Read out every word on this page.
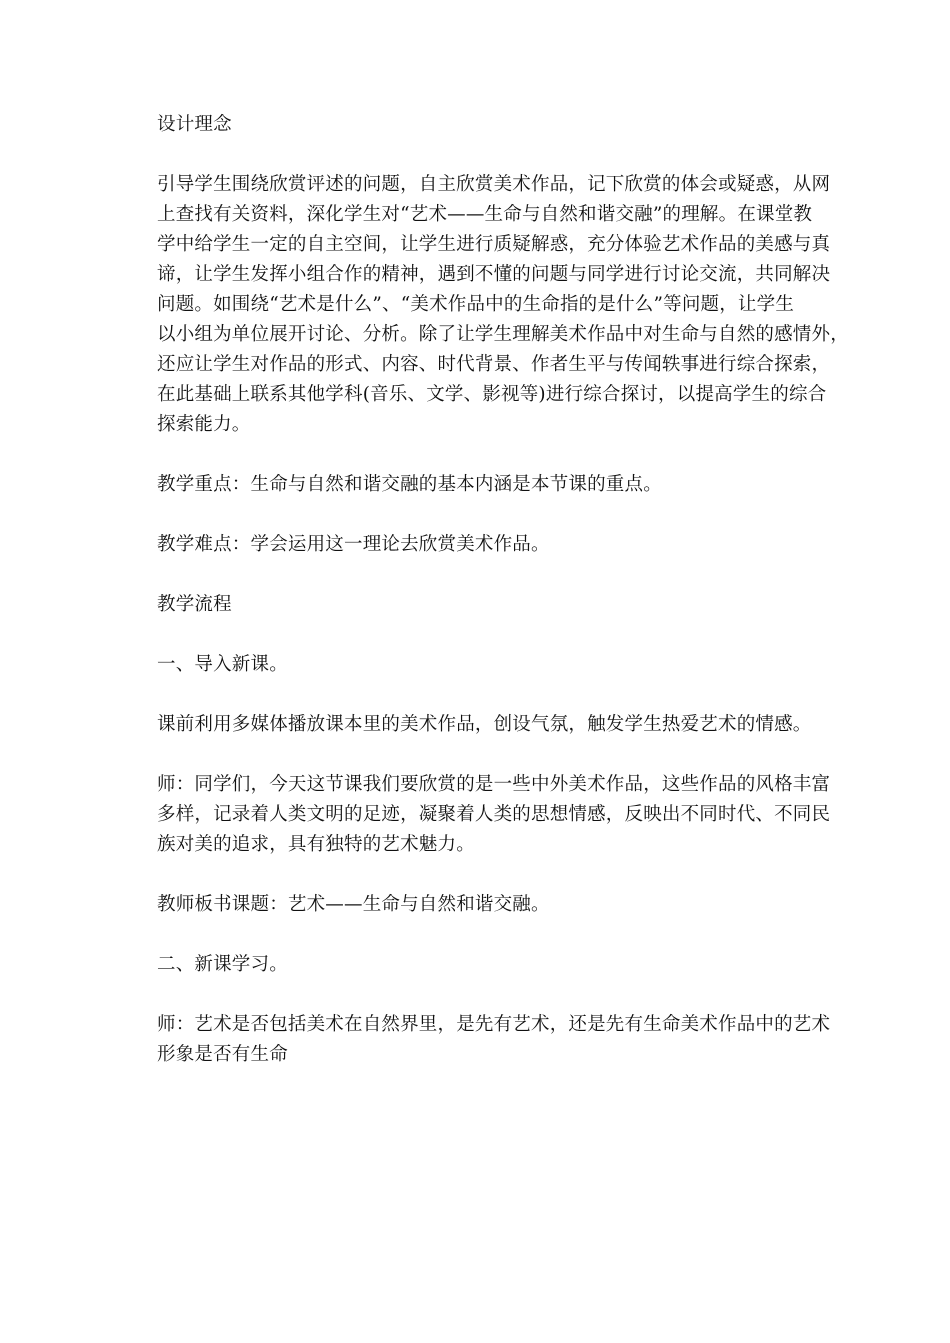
设计理念

引导学生围绕欣赏评述的问题，自主欣赏美术作品，记下欣赏的体会或疑惑，从网
上查找有关资料，深化学生对“艺术——生命与自然和谐交融”的理解。在课堂教
学中给学生一定的自主空间，让学生进行质疑解惑，充分体验艺术作品的美感与真
谛，让学生发挥小组合作的精神，遇到不懂的问题与同学进行讨论交流，共同解决
问题。如围绕“艺术是什么”、“美术作品中的生命指的是什么”等问题，让学生
以小组为单位展开讨论、分析。除了让学生理解美术作品中对生命与自然的感情外，
还应让学生对作品的形式、内容、时代背景、作者生平与传闻轶事进行综合探索，
在此基础上联系其他学科(音乐、文学、影视等)进行综合探讨，以提高学生的综合
探索能力。

教学重点：生命与自然和谐交融的基本内涵是本节课的重点。

教学难点：学会运用这一理论去欣赏美术作品。

教学流程

一、导入新课。

课前利用多媒体播放课本里的美术作品，创设气氛，触发学生热爱艺术的情感。

师：同学们，今天这节课我们要欣赏的是一些中外美术作品，这些作品的风格丰富
多样，记录着人类文明的足迹，凝聚着人类的思想情感，反映出不同时代、不同民
族对美的追求，具有独特的艺术魅力。

教师板书课题：艺术——生命与自然和谐交融。

二、新课学习。

师：艺术是否包括美术在自然界里，是先有艺术，还是先有生命美术作品中的艺术
形象是否有生命
